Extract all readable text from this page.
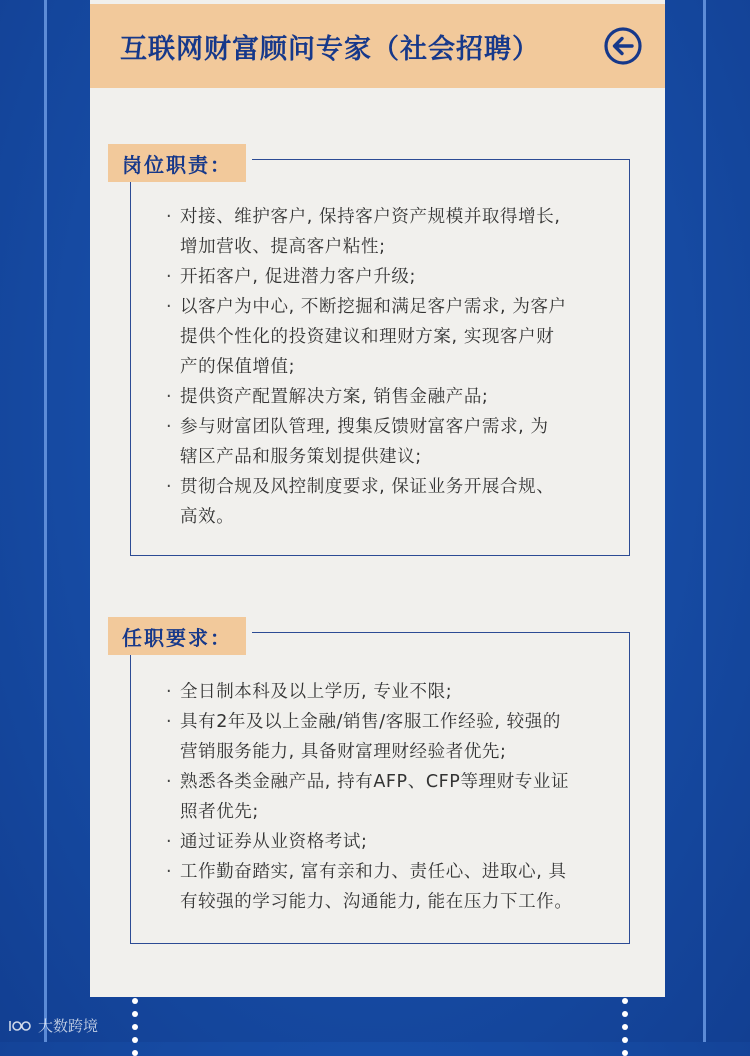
互联网财富顾问专家（社会招聘）
岗位职责：
· 对接、维护客户, 保持客户资产规模并取得增长,
增加营收、提高客户粘性;
· 开拓客户, 促进潜力客户升级;
· 以客户为中心, 不断挖掘和满足客户需求, 为客户
提供个性化的投资建议和理财方案, 实现客户财
产的保值增值;
· 提供资产配置解决方案, 销售金融产品;
· 参与财富团队管理, 搜集反馈财富客户需求, 为
辖区产品和服务策划提供建议;
· 贯彻合规及风控制度要求, 保证业务开展合规、
高效。
任职要求：
· 全日制本科及以上学历, 专业不限;
· 具有2年及以上金融/销售/客服工作经验, 较强的
营销服务能力, 具备财富理财经验者优先;
· 熟悉各类金融产品, 持有AFP、CFP等理财专业证
照者优先;
· 通过证券从业资格考试;
· 工作勤奋踏实, 富有亲和力、责任心、进取心, 具
有较强的学习能力、沟通能力, 能在压力下工作。
大数跨境
